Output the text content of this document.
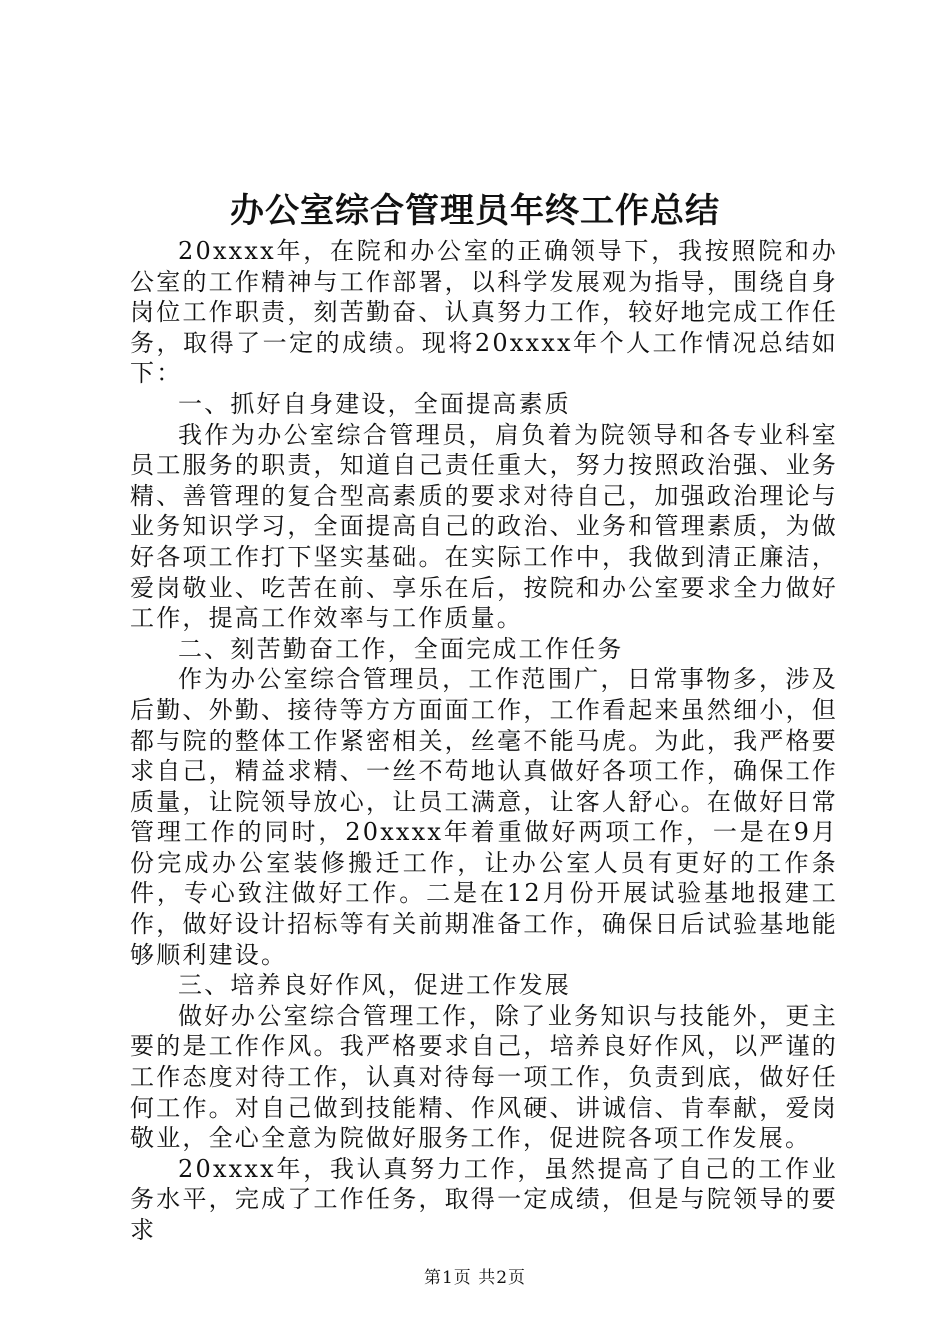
办公室综合管理员年终工作总结

20xxxx年，在院和办公室的正确领导下，我按照院和办公室的工作精神与工作部署，以科学发展观为指导，围绕自身岗位工作职责，刻苦勤奋、认真努力工作，较好地完成工作任务，取得了一定的成绩。现将20xxxx年个人工作情况总结如下：

一、抓好自身建设，全面提高素质

我作为办公室综合管理员，肩负着为院领导和各专业科室员工服务的职责，知道自己责任重大，努力按照政治强、业务精、善管理的复合型高素质的要求对待自己，加强政治理论与业务知识学习，全面提高自己的政治、业务和管理素质，为做好各项工作打下坚实基础。在实际工作中，我做到清正廉洁，爱岗敬业、吃苦在前、享乐在后，按院和办公室要求全力做好工作，提高工作效率与工作质量。

二、刻苦勤奋工作，全面完成工作任务

作为办公室综合管理员，工作范围广，日常事物多，涉及后勤、外勤、接待等方方面面工作，工作看起来虽然细小，但都与院的整体工作紧密相关，丝毫不能马虎。为此，我严格要求自己，精益求精、一丝不苟地认真做好各项工作，确保工作质量，让院领导放心，让员工满意，让客人舒心。在做好日常管理工作的同时，20xxxx年着重做好两项工作，一是在9月份完成办公室装修搬迁工作，让办公室人员有更好的工作条件，专心致注做好工作。二是在12月份开展试验基地报建工作，做好设计招标等有关前期准备工作，确保日后试验基地能够顺利建设。

三、培养良好作风，促进工作发展

做好办公室综合管理工作，除了业务知识与技能外，更主要的是工作作风。我严格要求自己，培养良好作风，以严谨的工作态度对待工作，认真对待每一项工作，负责到底，做好任何工作。对自己做到技能精、作风硬、讲诚信、肯奉献，爱岗敬业，全心全意为院做好服务工作，促进院各项工作发展。

20xxxx年，我认真努力工作，虽然提高了自己的工作业务水平，完成了工作任务，取得一定成绩，但是与院领导的要求

第1页 共2页
